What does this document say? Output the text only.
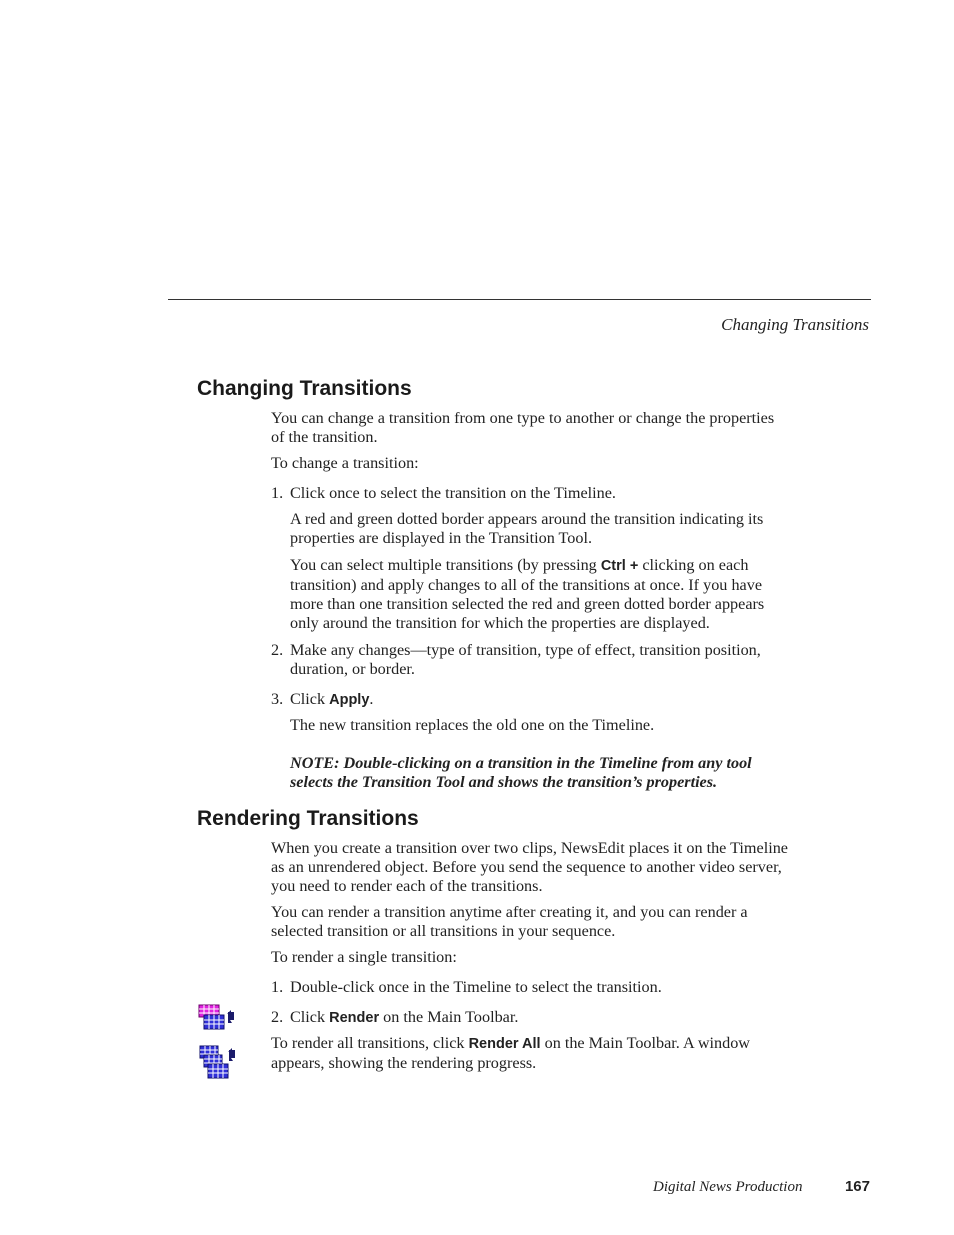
Changing Transitions
Changing Transitions
You can change a transition from one type to another or change the properties
of the transition.
To change a transition:
1. Click once to select the transition on the Timeline.
A red and green dotted border appears around the transition indicating its
properties are displayed in the Transition Tool.
You can select multiple transitions (by pressing Ctrl + clicking on each
transition) and apply changes to all of the transitions at once. If you have
more than one transition selected the red and green dotted border appears
only around the transition for which the properties are displayed.
2. Make any changes—type of transition, type of effect, transition position,
duration, or border.
3. Click Apply.
The new transition replaces the old one on the Timeline.
NOTE: Double-clicking on a transition in the Timeline from any tool
selects the Transition Tool and shows the transition’s properties.
Rendering Transitions
When you create a transition over two clips, NewsEdit places it on the Timeline
as an unrendered object. Before you send the sequence to another video server,
you need to render each of the transitions.
You can render a transition anytime after creating it, and you can render a
selected transition or all transitions in your sequence.
To render a single transition:
1. Double-click once in the Timeline to select the transition.
2. Click Render on the Main Toolbar.
To render all transitions, click Render All on the Main Toolbar. A window
appears, showing the rendering progress.
Digital News Production	167
